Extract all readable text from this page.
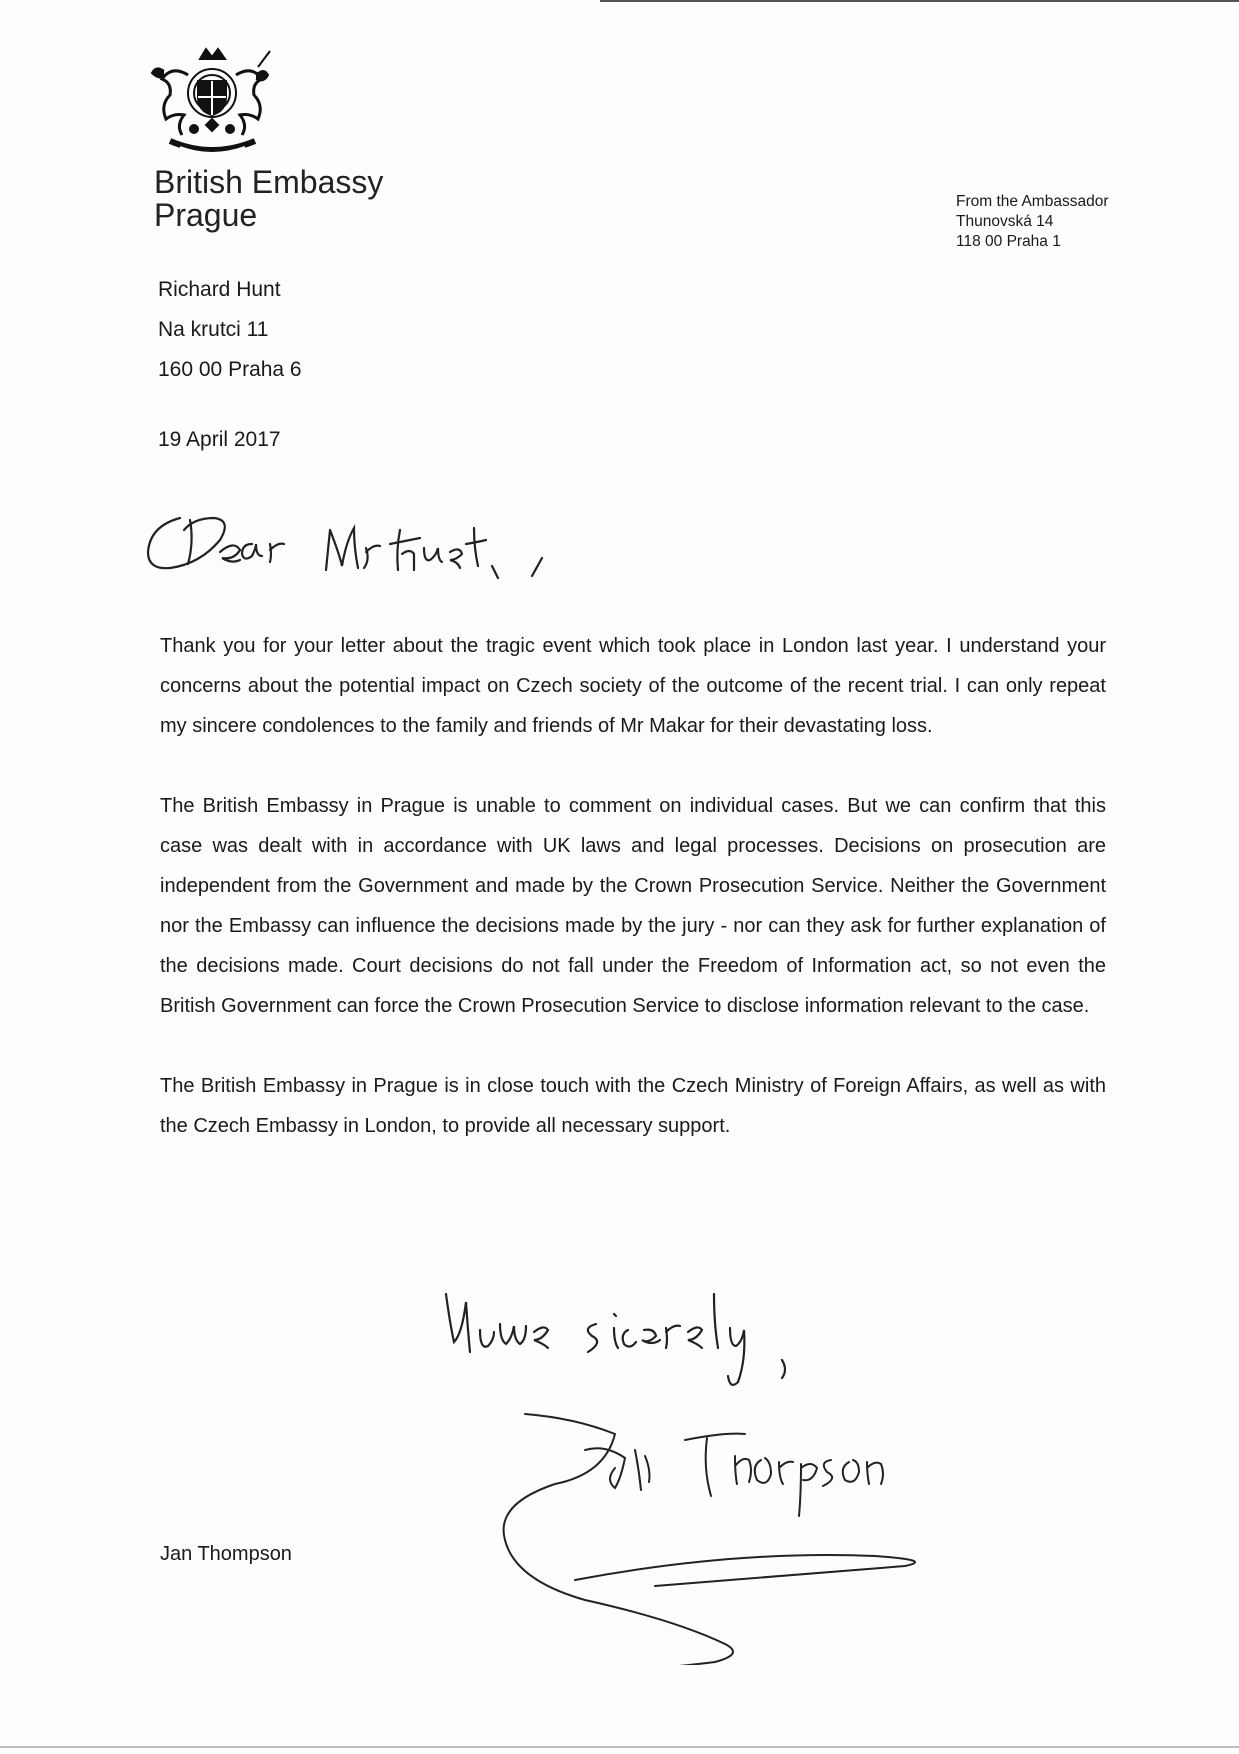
British Embassy
Prague	From the Ambassador
Thunovská 14
118 00 Praha 1
Richard Hunt
Na krutci 11
160 00 Praha 6
19 April 2017

Thank you for your letter about the tragic event which took place in London last year. I understand your concerns about the potential impact on Czech society of the outcome of the recent trial. I can only repeat my sincere condolences to the family and friends of Mr Makar for their devastating loss.

The British Embassy in Prague is unable to comment on individual cases. But we can confirm that this case was dealt with in accordance with UK laws and legal processes. Decisions on prosecution are independent from the Government and made by the Crown Prosecution Service. Neither the Government nor the Embassy can influence the decisions made by the jury - nor can they ask for further explanation of the decisions made. Court decisions do not fall under the Freedom of Information act, so not even the British Government can force the Crown Prosecution Service to disclose information relevant to the case.

The British Embassy in Prague is in close touch with the Czech Ministry of Foreign Affairs, as well as with the Czech Embassy in London, to provide all necessary support.

Jan Thompson
